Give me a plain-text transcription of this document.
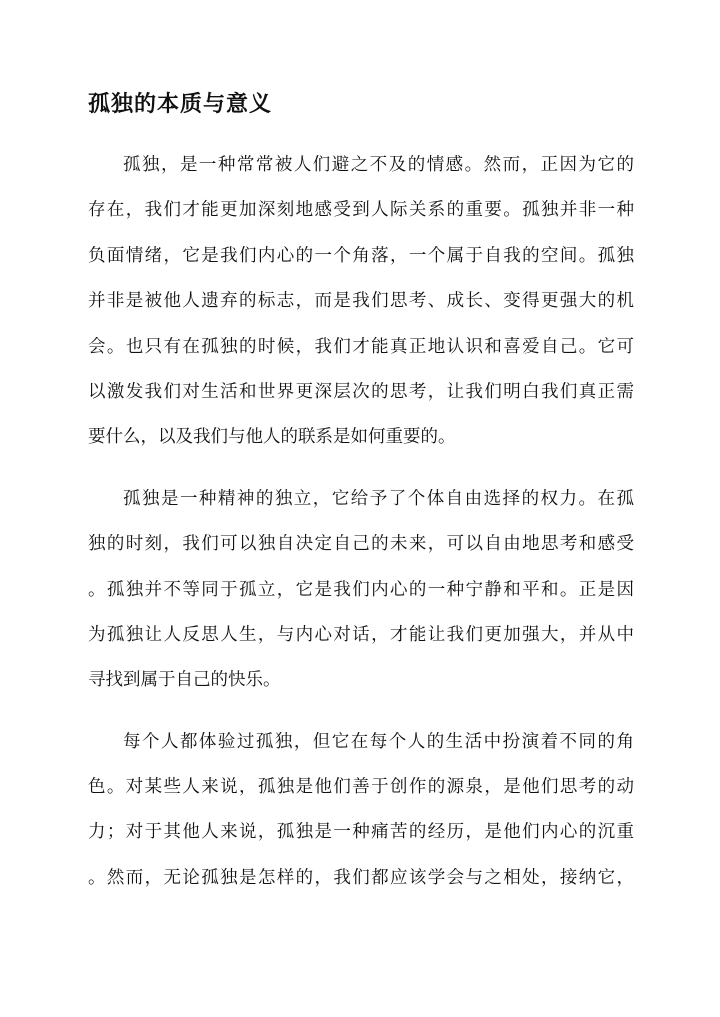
孤独的本质与意义

孤独，是一种常常被人们避之不及的情感。然而，正因为它的
存在，我们才能更加深刻地感受到人际关系的重要。孤独并非一种
负面情绪，它是我们内心的一个角落，一个属于自我的空间。孤独
并非是被他人遗弃的标志，而是我们思考、成长、变得更强大的机
会。也只有在孤独的时候，我们才能真正地认识和喜爱自己。它可
以激发我们对生活和世界更深层次的思考，让我们明白我们真正需
要什么，以及我们与他人的联系是如何重要的。

孤独是一种精神的独立，它给予了个体自由选择的权力。在孤
独的时刻，我们可以独自决定自己的未来，可以自由地思考和感受
。孤独并不等同于孤立，它是我们内心的一种宁静和平和。正是因
为孤独让人反思人生，与内心对话，才能让我们更加强大，并从中
寻找到属于自己的快乐。

每个人都体验过孤独，但它在每个人的生活中扮演着不同的角
色。对某些人来说，孤独是他们善于创作的源泉，是他们思考的动
力；对于其他人来说，孤独是一种痛苦的经历，是他们内心的沉重
。然而，无论孤独是怎样的，我们都应该学会与之相处，接纳它，
